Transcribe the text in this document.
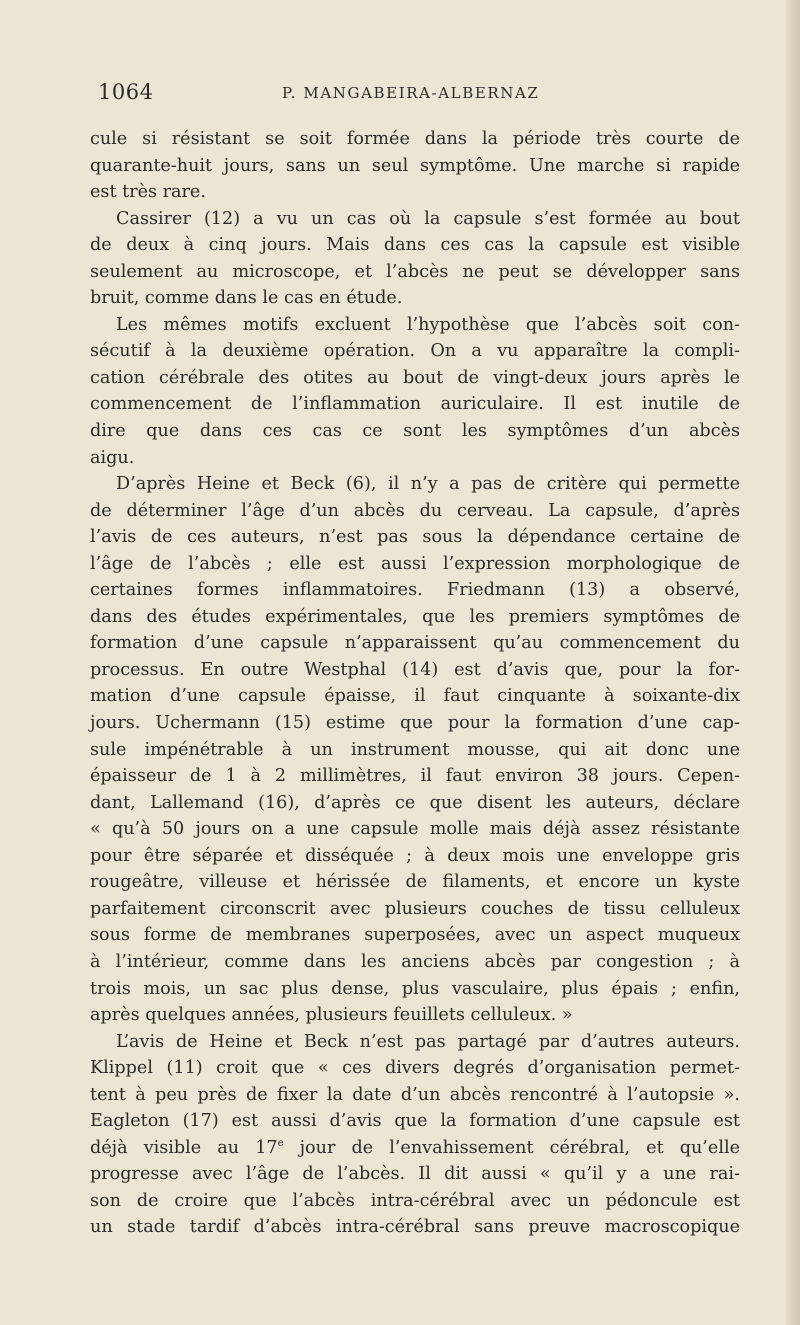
1064	P. MANGABEIRA-ALBERNAZ
cule si résistant se soit formée dans la période très courte de
quarante-huit jours, sans un seul symptôme. Une marche si rapide
est très rare.
Cassirer (12) a vu un cas où la capsule s’est formée au bout
de deux à cinq jours. Mais dans ces cas la capsule est visible
seulement au microscope, et l’abcès ne peut se développer sans
bruit, comme dans le cas en étude.
Les mêmes motifs excluent l’hypothèse que l’abcès soit con-
sécutif à la deuxième opération. On a vu apparaître la compli-
cation cérébrale des otites au bout de vingt-deux jours après le
commencement de l’inflammation auriculaire. Il est inutile de
dire que dans ces cas ce sont les symptômes d’un abcès
aigu.
D’après Heine et Beck (6), il n’y a pas de critère qui permette
de déterminer l’âge d’un abcès du cerveau. La capsule, d’après
l’avis de ces auteurs, n’est pas sous la dépendance certaine de
l’âge de l’abcès ; elle est aussi l’expression morphologique de
certaines formes inflammatoires. Friedmann (13) a observé,
dans des études expérimentales, que les premiers symptômes de
formation d’une capsule n’apparaissent qu’au commencement du
processus. En outre Westphal (14) est d’avis que, pour la for-
mation d’une capsule épaisse, il faut cinquante à soixante-dix
jours. Uchermann (15) estime que pour la formation d’une cap-
sule impénétrable à un instrument mousse, qui ait donc une
épaisseur de 1 à 2 millimètres, il faut environ 38 jours. Cepen-
dant, Lallemand (16), d’après ce que disent les auteurs, déclare
« qu’à 50 jours on a une capsule molle mais déjà assez résistante
pour être séparée et disséquée ; à deux mois une enveloppe gris
rougeâtre, villeuse et hérissée de filaments, et encore un kyste
parfaitement circonscrit avec plusieurs couches de tissu celluleux
sous forme de membranes superposées, avec un aspect muqueux
à l’intérieur, comme dans les anciens abcès par congestion ; à
trois mois, un sac plus dense, plus vasculaire, plus épais ; enfin,
après quelques années, plusieurs feuillets celluleux. »
L’avis de Heine et Beck n’est pas partagé par d’autres auteurs.
Klippel (11) croit que « ces divers degrés d’organisation permet-
tent à peu près de fixer la date d’un abcès rencontré à l’autopsie ».
Eagleton (17) est aussi d’avis que la formation d’une capsule est
déjà visible au 17e jour de l’envahissement cérébral, et qu’elle
progresse avec l’âge de l’abcès. Il dit aussi « qu’il y a une rai-
son de croire que l’abcès intra-cérébral avec un pédoncule est
un stade tardif d’abcès intra-cérébral sans preuve macroscopique
